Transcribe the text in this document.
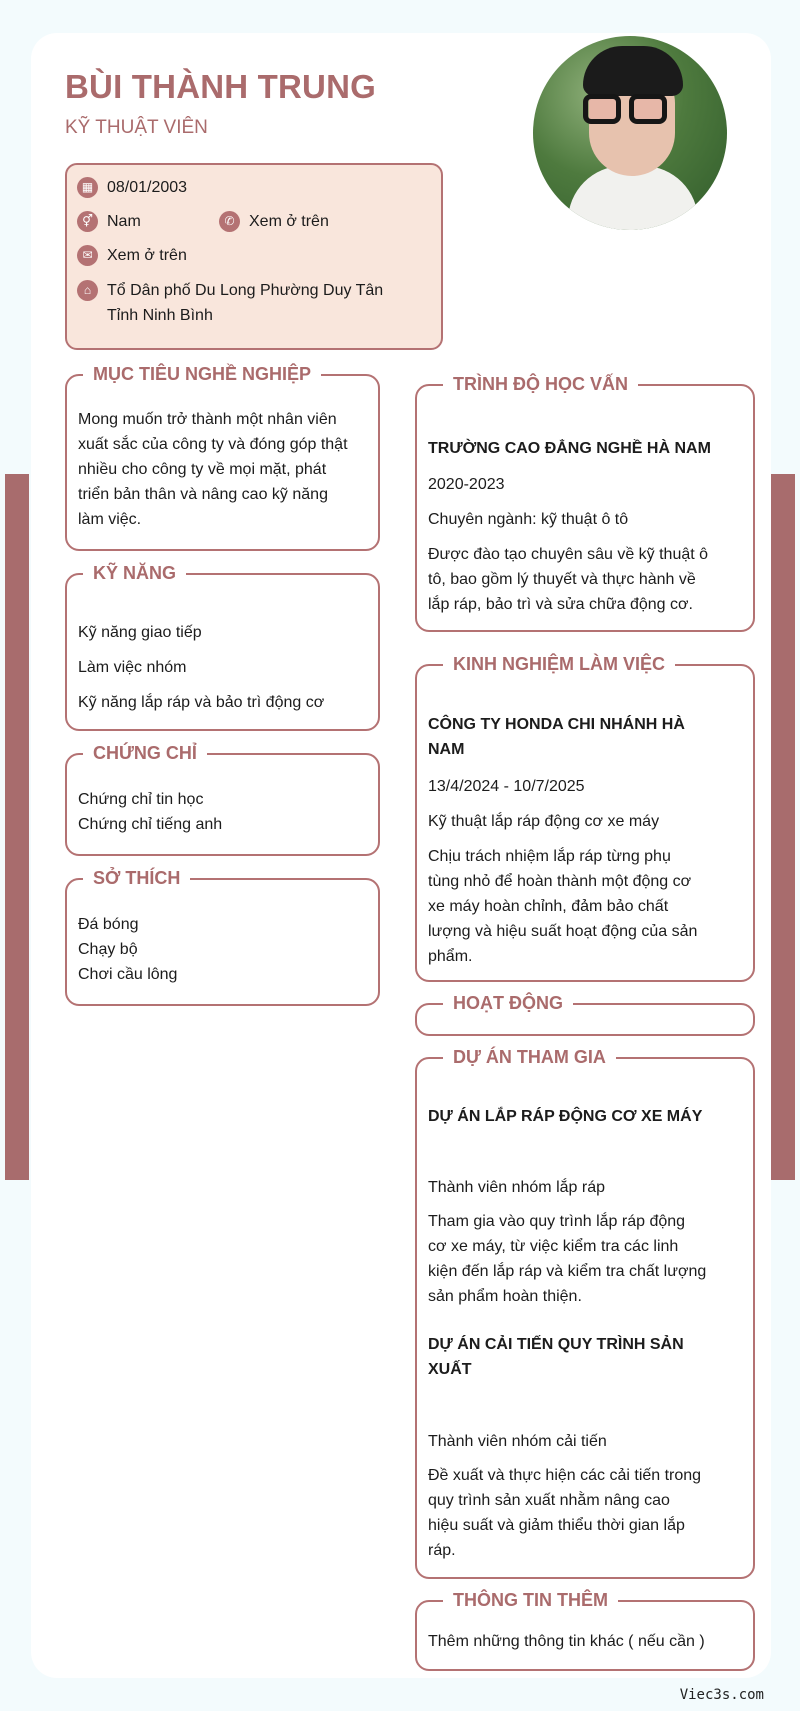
BÙI THÀNH TRUNG
KỸ THUẬT VIÊN
▦ 08/01/2003
⚥ Nam	✆ Xem ở trên
✉ Xem ở trên
⌂ Tổ Dân phố Du Long Phường Duy Tân
Tỉnh Ninh Bình
MỤC TIÊU NGHỀ NGHIỆP
Mong muốn trở thành một nhân viên
xuất sắc của công ty và đóng góp thật
nhiều cho công ty về mọi mặt, phát
triển bản thân và nâng cao kỹ năng
làm việc.
KỸ NĂNG
Kỹ năng giao tiếp
Làm việc nhóm
Kỹ năng lắp ráp và bảo trì động cơ
CHỨNG CHỈ
Chứng chỉ tin học
Chứng chỉ tiếng anh
SỞ THÍCH
Đá bóng
Chạy bộ
Chơi cầu lông
TRÌNH ĐỘ HỌC VẤN
TRƯỜNG CAO ĐẲNG NGHỀ HÀ NAM
2020-2023
Chuyên ngành: kỹ thuật ô tô
Được đào tạo chuyên sâu về kỹ thuật ô
tô, bao gồm lý thuyết và thực hành về
lắp ráp, bảo trì và sửa chữa động cơ.
KINH NGHIỆM LÀM VIỆC
CÔNG TY HONDA CHI NHÁNH HÀ
NAM
13/4/2024 - 10/7/2025
Kỹ thuật lắp ráp động cơ xe máy
Chịu trách nhiệm lắp ráp từng phụ
tùng nhỏ để hoàn thành một động cơ
xe máy hoàn chỉnh, đảm bảo chất
lượng và hiệu suất hoạt động của sản
phẩm.
HOẠT ĐỘNG
DỰ ÁN THAM GIA
DỰ ÁN LẮP RÁP ĐỘNG CƠ XE MÁY
Thành viên nhóm lắp ráp
Tham gia vào quy trình lắp ráp động
cơ xe máy, từ việc kiểm tra các linh
kiện đến lắp ráp và kiểm tra chất lượng
sản phẩm hoàn thiện.
DỰ ÁN CẢI TIẾN QUY TRÌNH SẢN
XUẤT
Thành viên nhóm cải tiến
Đề xuất và thực hiện các cải tiến trong
quy trình sản xuất nhằm nâng cao
hiệu suất và giảm thiểu thời gian lắp
ráp.
THÔNG TIN THÊM
Thêm những thông tin khác ( nếu cần )
Viec3s.com
